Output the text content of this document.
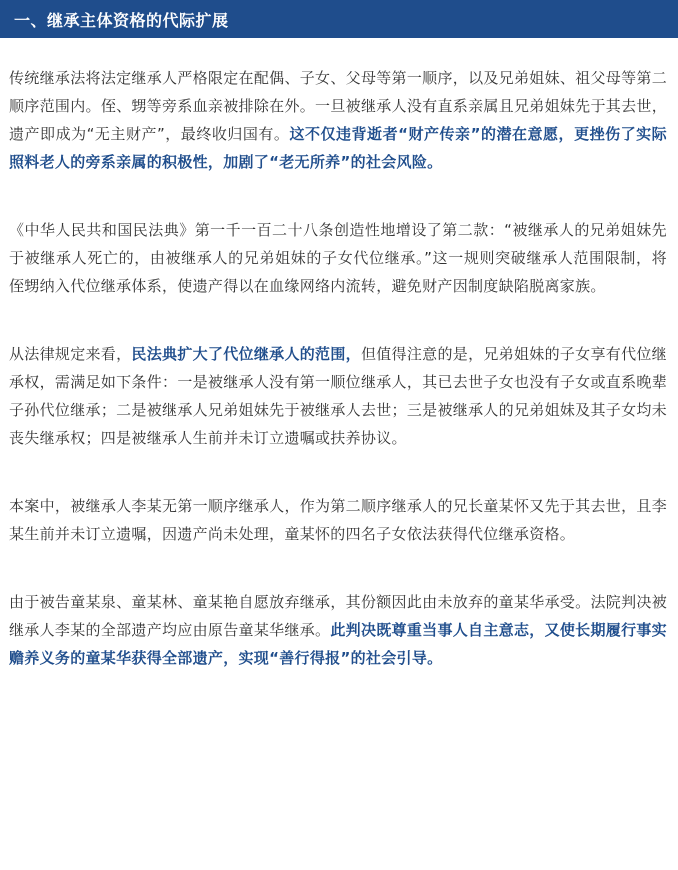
一、继承主体资格的代际扩展

传统继承法将法定继承人严格限定在配偶、子女、父母等第一顺序，以及兄弟姐妹、祖父母等第二顺序范围内。侄、甥等旁系血亲被排除在外。一旦被继承人没有直系亲属且兄弟姐妹先于其去世，遗产即成为“无主财产”，最终收归国有。这不仅违背逝者“财产传亲”的潜在意愿，更挫伤了实际照料老人的旁系亲属的积极性，加剧了“老无所养”的社会风险。

《中华人民共和国民法典》第一千一百二十八条创造性地增设了第二款：“被继承人的兄弟姐妹先于被继承人死亡的，由被继承人的兄弟姐妹的子女代位继承。”这一规则突破继承人范围限制，将侄甥纳入代位继承体系，使遗产得以在血缘网络内流转，避免财产因制度缺陷脱离家族。

从法律规定来看，民法典扩大了代位继承人的范围，但值得注意的是，兄弟姐妹的子女享有代位继承权，需满足如下条件：一是被继承人没有第一顺位继承人，其已去世子女也没有子女或直系晚辈子孙代位继承；二是被继承人兄弟姐妹先于被继承人去世；三是被继承人的兄弟姐妹及其子女均未丧失继承权；四是被继承人生前并未订立遗嘱或扶养协议。

本案中，被继承人李某无第一顺序继承人，作为第二顺序继承人的兄长童某怀又先于其去世，且李某生前并未订立遗嘱，因遗产尚未处理，童某怀的四名子女依法获得代位继承资格。

由于被告童某泉、童某林、童某艳自愿放弃继承，其份额因此由未放弃的童某华承受。法院判决被继承人李某的全部遗产均应由原告童某华继承。此判决既尊重当事人自主意志，又使长期履行事实赡养义务的童某华获得全部遗产，实现“善行得报”的社会引导。
